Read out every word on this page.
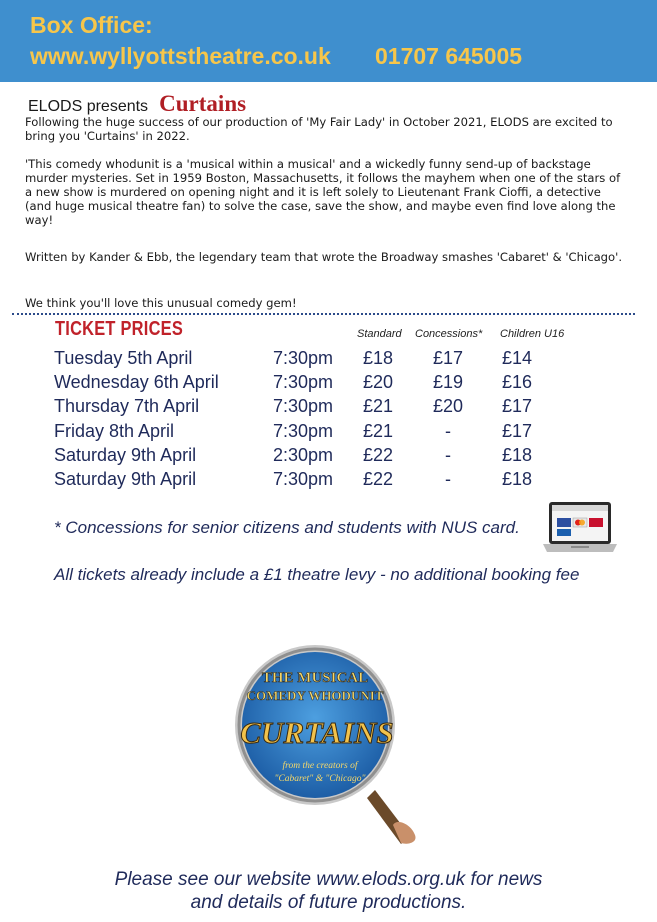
Box Office:
www.wyllyottstheatre.co.uk 01707 645005
ELODS presents Curtains

Following the huge success of our production of 'My Fair Lady' in October 2021, ELODS are excited to bring you 'Curtains' in 2022.

'This comedy whodunit is a 'musical within a musical' and a wickedly funny send-up of backstage murder mysteries. Set in 1959 Boston, Massachusetts, it follows the mayhem when one of the stars of a new show is murdered on opening night and it is left solely to Lieutenant Frank Cioffi, a detective (and huge musical theatre fan) to solve the case, save the show, and maybe even find love along the way!

Written by Kander & Ebb, the legendary team that wrote the Broadway smashes 'Cabaret' & 'Chicago'.

We think you'll love this unusual comedy gem!

TICKET PRICES	Standard Concessions* Children U16
Tuesday 5th April	7:30pm £18 £17 £14
Wednesday 6th April	7:30pm £20 £19 £16
Thursday 7th April	7:30pm £21 £20 £17
Friday 8th April	7:30pm £21	-	£17
Saturday 9th April	2:30pm £22	-	£18
Saturday 9th April	7:30pm £22	-	£18
* Concessions for senior citizens and students with NUS card.
All tickets already include a £1 theatre levy - no additional booking fee
THE MUSICAL
COMEDY WHODUNIT
CURTAINS
from the creators of
"Cabaret" & "Chicago"
Please see our website www.elods.org.uk for news
and details of future productions.
